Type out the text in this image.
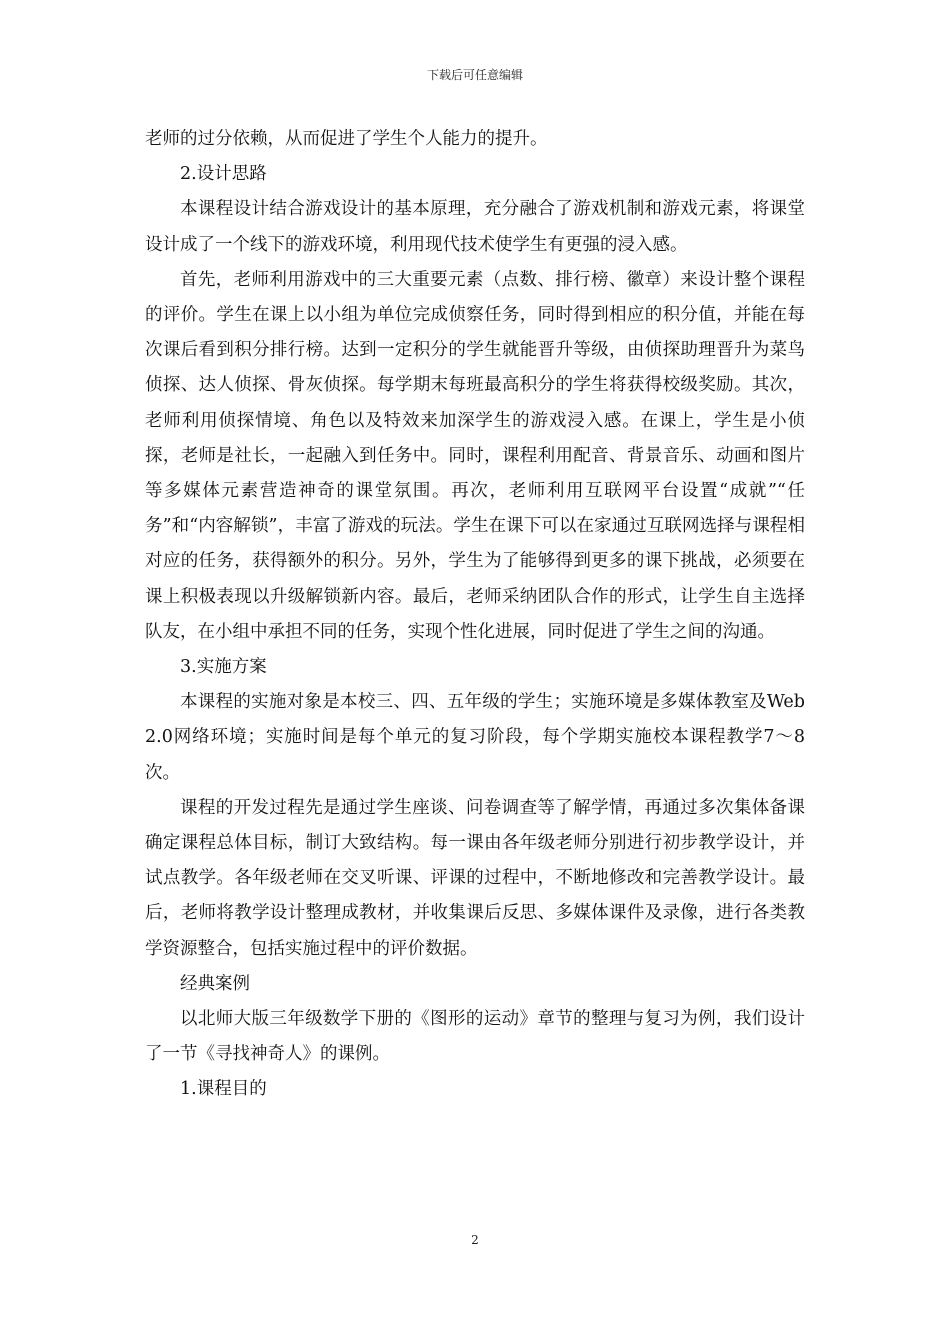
下载后可任意编辑

老师的过分依赖，从而促进了学生个人能力的提升。

2.设计思路

本课程设计结合游戏设计的基本原理，充分融合了游戏机制和游戏元素，将课堂设计成了一个线下的游戏环境，利用现代技术使学生有更强的浸入感。

首先，老师利用游戏中的三大重要元素（点数、排行榜、徽章）来设计整个课程的评价。学生在课上以小组为单位完成侦察任务，同时得到相应的积分值，并能在每次课后看到积分排行榜。达到一定积分的学生就能晋升等级，由侦探助理晋升为菜鸟侦探、达人侦探、骨灰侦探。每学期末每班最高积分的学生将获得校级奖励。其次，老师利用侦探情境、角色以及特效来加深学生的游戏浸入感。在课上，学生是小侦探，老师是社长，一起融入到任务中。同时，课程利用配音、背景音乐、动画和图片等多媒体元素营造神奇的课堂氛围。再次，老师利用互联网平台设置“成就”“任务”和“内容解锁”，丰富了游戏的玩法。学生在课下可以在家通过互联网选择与课程相对应的任务，获得额外的积分。另外，学生为了能够得到更多的课下挑战，必须要在课上积极表现以升级解锁新内容。最后，老师采纳团队合作的形式，让学生自主选择队友，在小组中承担不同的任务，实现个性化进展，同时促进了学生之间的沟通。

3.实施方案

本课程的实施对象是本校三、四、五年级的学生；实施环境是多媒体教室及Web 2.0网络环境；实施时间是每个单元的复习阶段，每个学期实施校本课程教学7～8次。

课程的开发过程先是通过学生座谈、问卷调查等了解学情，再通过多次集体备课确定课程总体目标，制订大致结构。每一课由各年级老师分别进行初步教学设计，并试点教学。各年级老师在交叉听课、评课的过程中，不断地修改和完善教学设计。最后，老师将教学设计整理成教材，并收集课后反思、多媒体课件及录像，进行各类教学资源整合，包括实施过程中的评价数据。

经典案例

以北师大版三年级数学下册的《图形的运动》章节的整理与复习为例，我们设计了一节《寻找神奇人》的课例。

1.课程目的

2
